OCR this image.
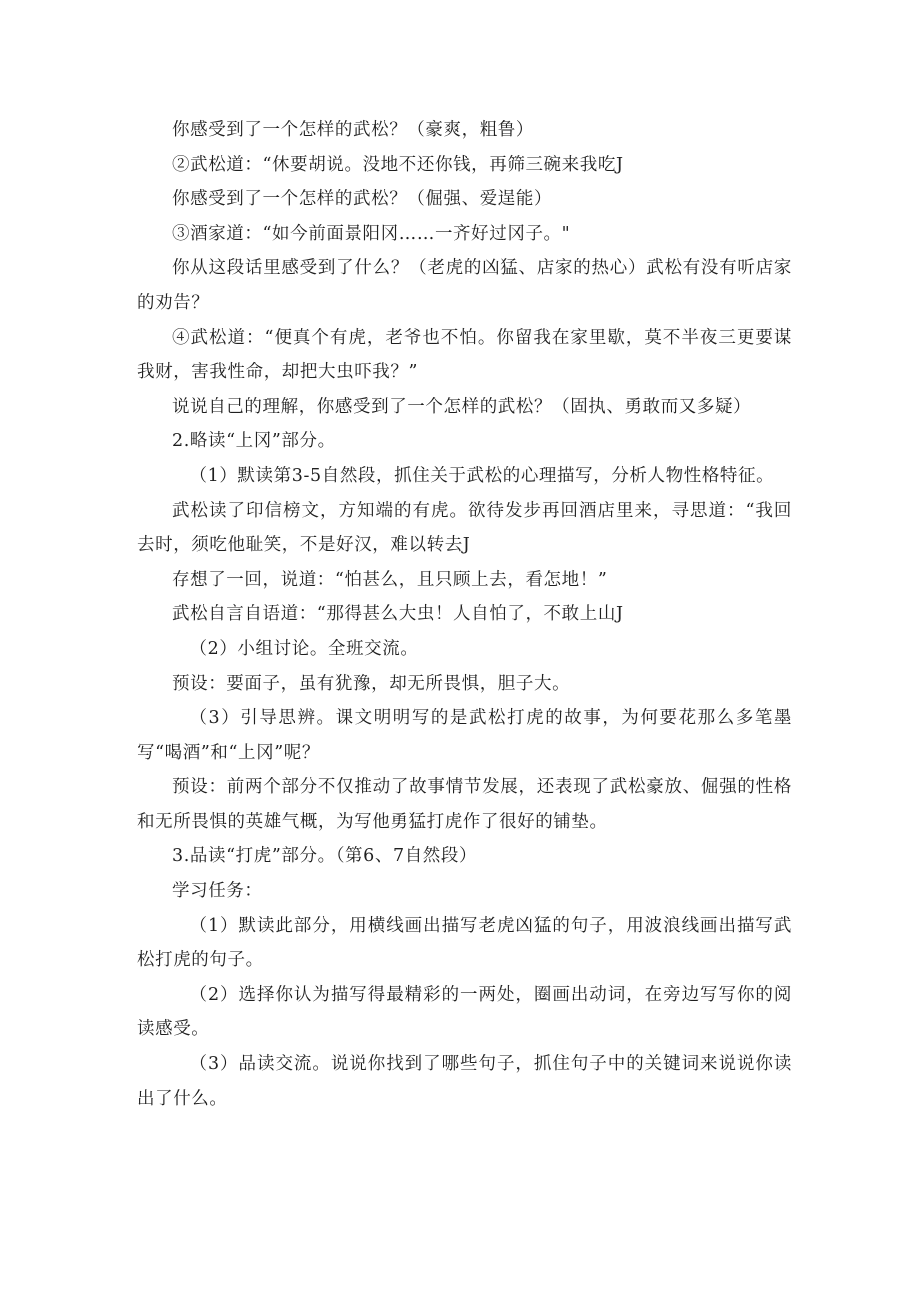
你感受到了一个怎样的武松？（豪爽，粗鲁）

②武松道：“休要胡说。没地不还你钱，再筛三碗来我吃J

你感受到了一个怎样的武松？（倔强、爱逞能）

③酒家道：“如今前面景阳冈……一齐好过冈子。"

你从这段话里感受到了什么？（老虎的凶猛、店家的热心）武松有没有听店家的劝告？

④武松道：“便真个有虎，老爷也不怕。你留我在家里歇，莫不半夜三更要谋我财，害我性命，却把大虫吓我？”

说说自己的理解，你感受到了一个怎样的武松？（固执、勇敢而又多疑）

2.略读“上冈”部分。

（1）默读第3-5自然段，抓住关于武松的心理描写，分析人物性格特征。

武松读了印信榜文，方知端的有虎。欲待发步再回酒店里来，寻思道：“我回去时，须吃他耻笑，不是好汉，难以转去J

存想了一回，说道：“怕甚么，且只顾上去，看怎地！”

武松自言自语道：“那得甚么大虫！人自怕了，不敢上山J

（2）小组讨论。全班交流。

预设：要面子，虽有犹豫，却无所畏惧，胆子大。

（3）引导思辨。课文明明写的是武松打虎的故事，为何要花那么多笔墨写“喝酒”和“上冈”呢？

预设：前两个部分不仅推动了故事情节发展，还表现了武松豪放、倔强的性格和无所畏惧的英雄气概，为写他勇猛打虎作了很好的铺垫。

3.品读“打虎”部分。（第6、7自然段）

学习任务：

（1）默读此部分，用横线画出描写老虎凶猛的句子，用波浪线画出描写武松打虎的句子。

（2）选择你认为描写得最精彩的一两处，圈画出动词，在旁边写写你的阅读感受。

（3）品读交流。说说你找到了哪些句子，抓住句子中的关键词来说说你读出了什么。
